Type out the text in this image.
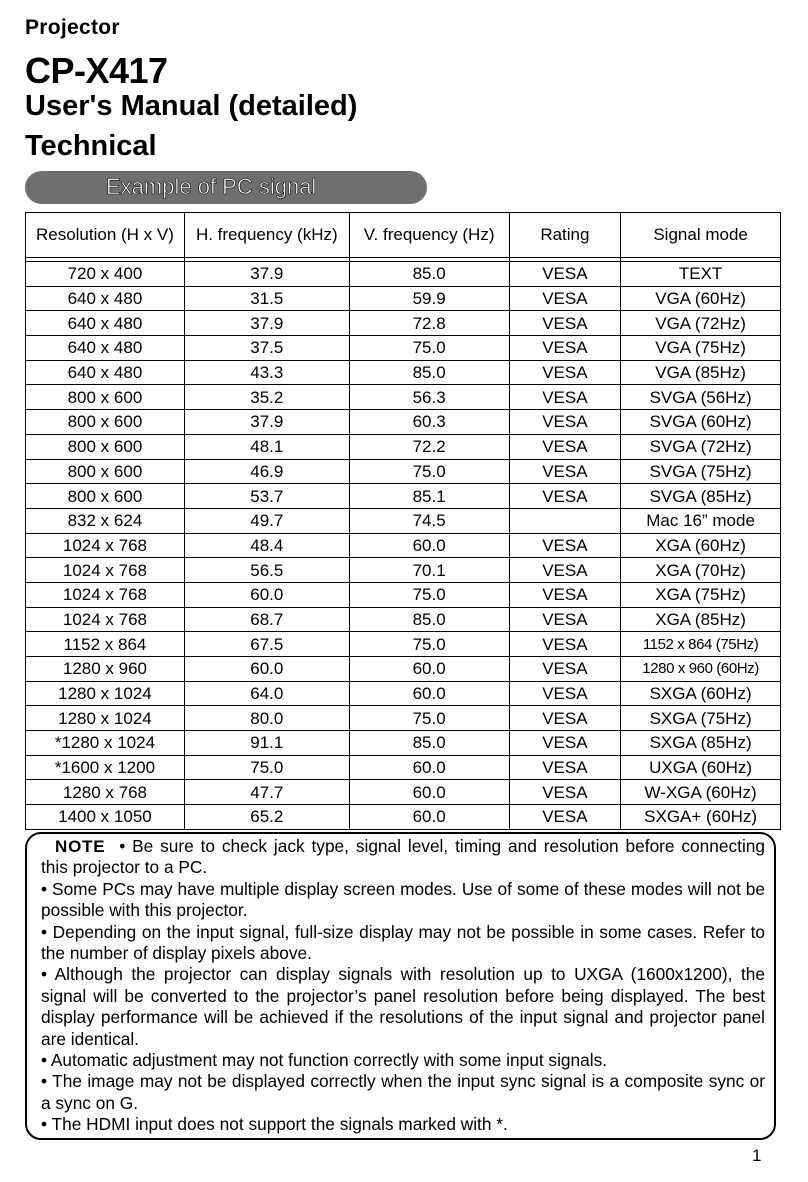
Projector
CP-X417
User's Manual (detailed)
Technical
Example of PC signal
Resolution (H x V)	H. frequency (kHz)	V. frequency (Hz)	Rating	Signal mode

720 x 400	37.9	85.0	VESA	TEXT
640 x 480	31.5	59.9	VESA	VGA (60Hz)
640 x 480	37.9	72.8	VESA	VGA (72Hz)
640 x 480	37.5	75.0	VESA	VGA (75Hz)
640 x 480	43.3	85.0	VESA	VGA (85Hz)
800 x 600	35.2	56.3	VESA	SVGA (56Hz)
800 x 600	37.9	60.3	VESA	SVGA (60Hz)
800 x 600	48.1	72.2	VESA	SVGA (72Hz)
800 x 600	46.9	75.0	VESA	SVGA (75Hz)
800 x 600	53.7	85.1	VESA	SVGA (85Hz)
832 x 624	49.7	74.5		Mac 16” mode
1024 x 768	48.4	60.0	VESA	XGA (60Hz)
1024 x 768	56.5	70.1	VESA	XGA (70Hz)
1024 x 768	60.0	75.0	VESA	XGA (75Hz)
1024 x 768	68.7	85.0	VESA	XGA (85Hz)
1152 x 864	67.5	75.0	VESA	1152 x 864 (75Hz)
1280 x 960	60.0	60.0	VESA	1280 x 960 (60Hz)
1280 x 1024	64.0	60.0	VESA	SXGA (60Hz)
1280 x 1024	80.0	75.0	VESA	SXGA (75Hz)
*1280 x 1024	91.1	85.0	VESA	SXGA (85Hz)
*1600 x 1200	75.0	60.0	VESA	UXGA (60Hz)
1280 x 768	47.7	60.0	VESA	W-XGA (60Hz)
1400 x 1050	65.2	60.0	VESA	SXGA+ (60Hz)

NOTE • Be sure to check jack type, signal level, timing and resolution before connecting this projector to a PC.

• Some PCs may have multiple display screen modes. Use of some of these modes will not be possible with this projector.

• Depending on the input signal, full-size display may not be possible in some cases. Refer to the number of display pixels above.

• Although the projector can display signals with resolution up to UXGA (1600x1200), the signal will be converted to the projector’s panel resolution before being displayed. The best display performance will be achieved if the resolutions of the input signal and projector panel are identical.

• Automatic adjustment may not function correctly with some input signals.

• The image may not be displayed correctly when the input sync signal is a composite sync or a sync on G.

• The HDMI input does not support the signals marked with *.

1
